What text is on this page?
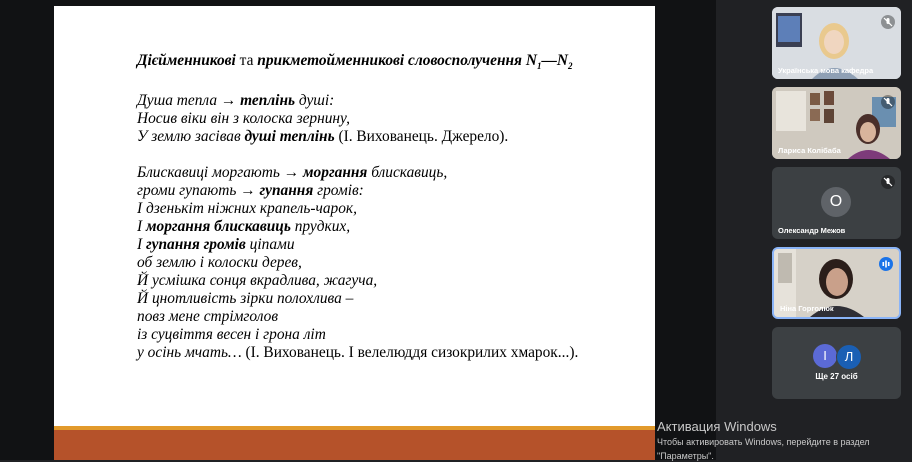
Дієйменникові та прикметойменникові словосполучення $N_1—N_2$
Душа тепла → теплінь душі:
Носив віки він з колоска зернину,
У землю засівав душі теплінь (І. Вихованець. Джерело).
Блискавиці моргають → моргання блискавиць,
громи гупають → гупання громів:
І дзенькіт ніжних крапель-чарок,
І моргання блискавиць прудких,
І гупання громів ціпами
об землю і колоски дерев,
Й усмішка сонця вкрадлива, жагуча,
Й цнотливість зірки полохлива –
повз мене стрімголов
із суцвіття весен і грона літ
у осінь мчать… (І. Вихованець. І велелюддя сизокрилих хмарок...).
Українська мова кафедра
Лариса Колібаба
О
Олександр Межов
Ніна Горголюк
І	Л
Ще 27 осіб
Активация Windows
Чтобы активировать Windows, перейдите в раздел
"Параметры".
